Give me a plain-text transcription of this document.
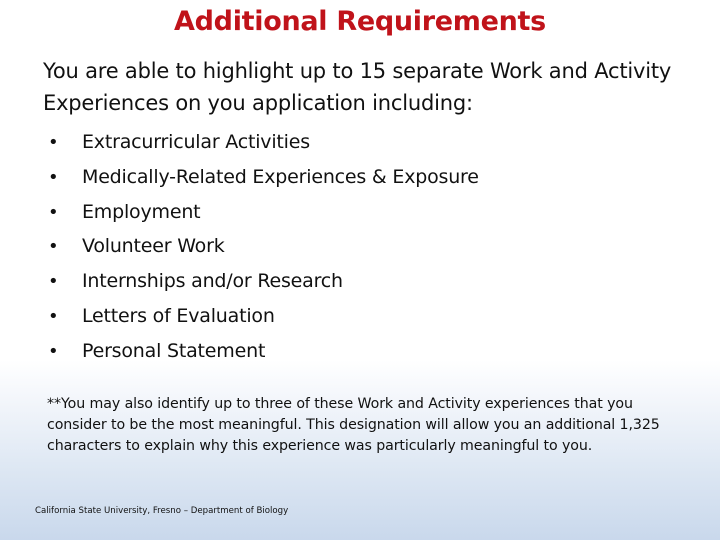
Additional Requirements
You are able to highlight up to 15 separate Work and Activity Experiences on you application including:
• Extracurricular Activities
• Medically-Related Experiences & Exposure
• Employment
• Volunteer Work
• Internships and/or Research
• Letters of Evaluation
• Personal Statement
**You may also identify up to three of these Work and Activity experiences that you consider to be the most meaningful. This designation will allow you an additional 1,325 characters to explain why this experience was particularly meaningful to you.
California State University, Fresno – Department of Biology
